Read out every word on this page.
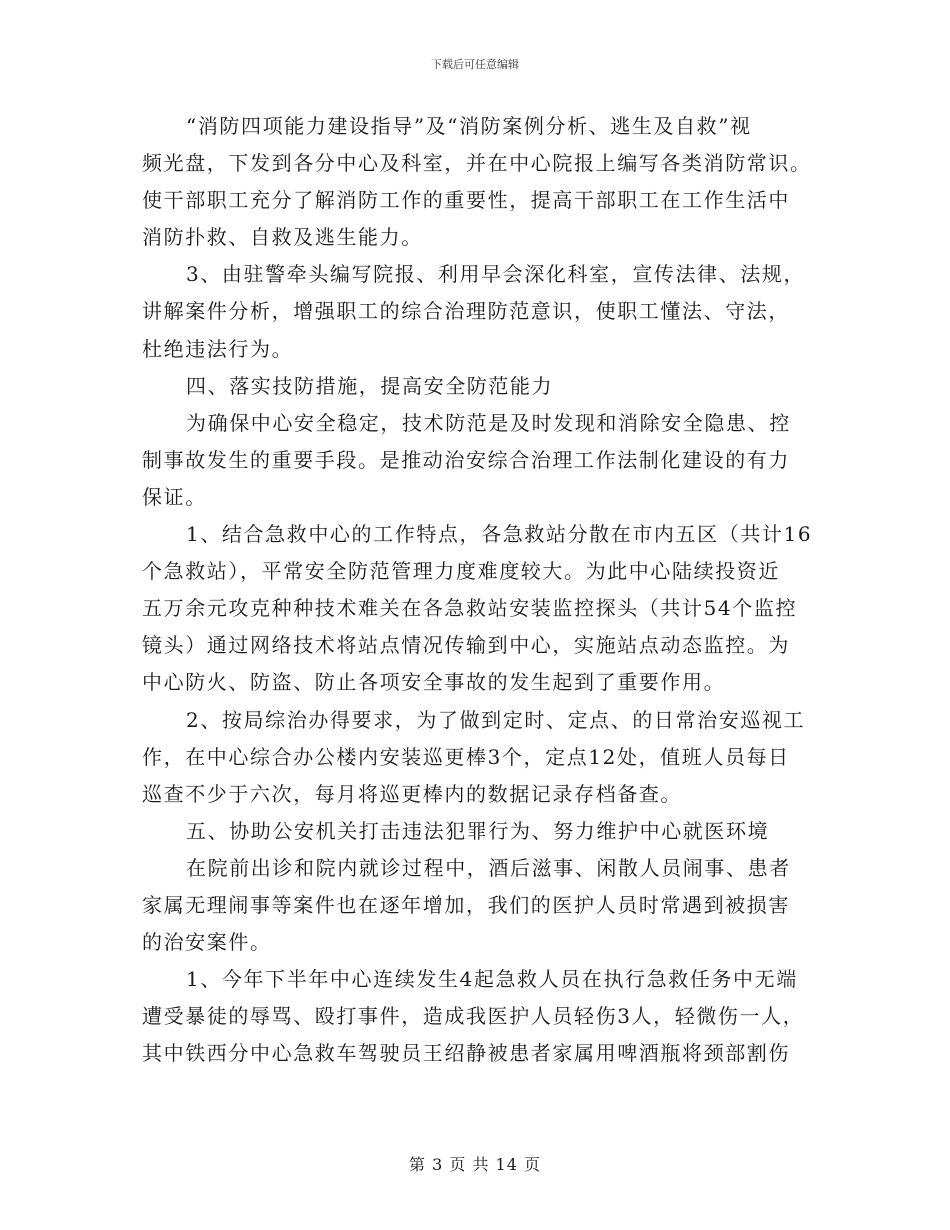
下载后可任意编辑
“消防四项能力建设指导”及“消防案例分析、逃生及自救”视
频光盘，下发到各分中心及科室，并在中心院报上编写各类消防常识。
使干部职工充分了解消防工作的重要性，提高干部职工在工作生活中
消防扑救、自救及逃生能力。
3、由驻警牵头编写院报、利用早会深化科室，宣传法律、法规，
讲解案件分析，增强职工的综合治理防范意识，使职工懂法、守法，
杜绝违法行为。
四、落实技防措施，提高安全防范能力
为确保中心安全稳定，技术防范是及时发现和消除安全隐患、控
制事故发生的重要手段。是推动治安综合治理工作法制化建设的有力
保证。
1、结合急救中心的工作特点，各急救站分散在市内五区（共计16
个急救站），平常安全防范管理力度难度较大。为此中心陆续投资近
五万余元攻克种种技术难关在各急救站安装监控探头（共计54个监控
镜头）通过网络技术将站点情况传输到中心，实施站点动态监控。为
中心防火、防盗、防止各项安全事故的发生起到了重要作用。
2、按局综治办得要求，为了做到定时、定点、的日常治安巡视工
作，在中心综合办公楼内安装巡更棒3个，定点12处，值班人员每日
巡查不少于六次，每月将巡更棒内的数据记录存档备查。
五、协助公安机关打击违法犯罪行为、努力维护中心就医环境
在院前出诊和院内就诊过程中，酒后滋事、闲散人员闹事、患者
家属无理闹事等案件也在逐年增加，我们的医护人员时常遇到被损害
的治安案件。
1、今年下半年中心连续发生4起急救人员在执行急救任务中无端
遭受暴徒的辱骂、殴打事件，造成我医护人员轻伤3人，轻微伤一人，
其中铁西分中心急救车驾驶员王绍静被患者家属用啤酒瓶将颈部割伤
第 3 页 共 14 页
